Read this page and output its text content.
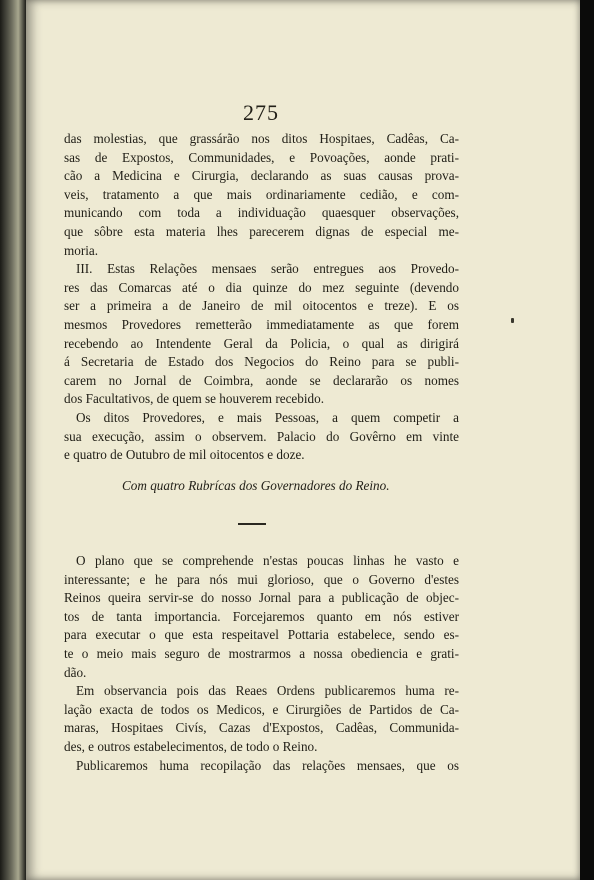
275
das molestias, que grassárão nos ditos Hospitaes, Cadêas, Ca-
sas de Expostos, Communidades, e Povoações, aonde prati-
cão a Medicina e Cirurgia, declarando as suas causas prova-
veis, tratamento a que mais ordinariamente cedião, e com-
municando com toda a individuação quaesquer observações,
que sôbre esta materia lhes parecerem dignas de especial me-
moria.
III. Estas Relações mensaes serão entregues aos Provedo-
res das Comarcas até o dia quinze do mez seguinte (devendo
ser a primeira a de Janeiro de mil oitocentos e treze). E os
mesmos Provedores remetterão immediatamente as que forem
recebendo ao Intendente Geral da Policia, o qual as dirigirá
á Secretaria de Estado dos Negocios do Reino para se publi-
carem no Jornal de Coimbra, aonde se declararão os nomes
dos Facultativos, de quem se houverem recebido.
Os ditos Provedores, e mais Pessoas, a quem competir a
sua execução, assim o observem. Palacio do Govêrno em vinte
e quatro de Outubro de mil oitocentos e doze.
Com quatro Rubrícas dos Governadores do Reino.
O plano que se comprehende n'estas poucas linhas he vasto e
interessante; e he para nós mui glorioso, que o Governo d'estes
Reinos queira servir-se do nosso Jornal para a publicação de objec-
tos de tanta importancia. Forcejaremos quanto em nós estiver
para executar o que esta respeitavel Pottaria estabelece, sendo es-
te o meio mais seguro de mostrarmos a nossa obediencia e grati-
dão.
Em observancia pois das Reaes Ordens publicaremos huma re-
lação exacta de todos os Medicos, e Cirurgiões de Partidos de Ca-
maras, Hospitaes Civís, Cazas d'Expostos, Cadêas, Communida-
des, e outros estabelecimentos, de todo o Reino.
Publicaremos huma recopilação das relações mensaes, que os
